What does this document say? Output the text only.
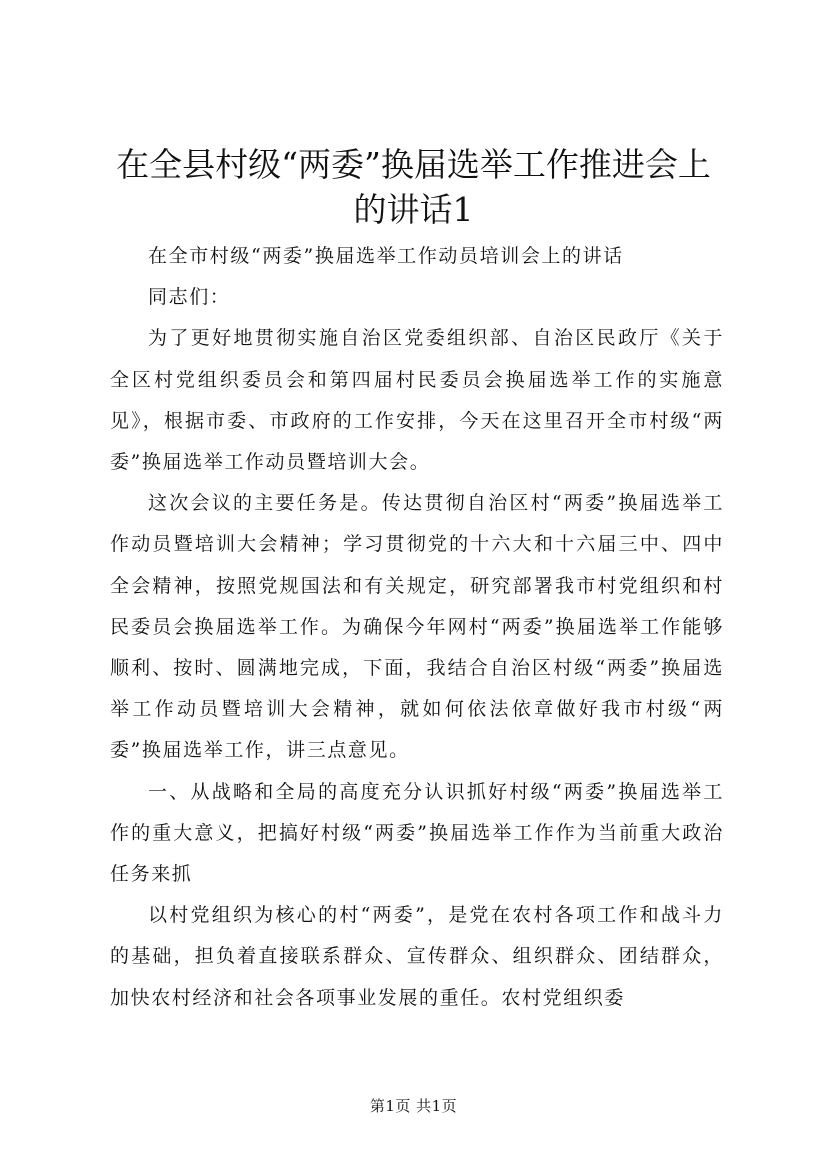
在全县村级“两委”换届选举工作推进会上的讲话1

在全市村级“两委”换届选举工作动员培训会上的讲话

同志们：

为了更好地贯彻实施自治区党委组织部、自治区民政厅《关于全区村党组织委员会和第四届村民委员会换届选举工作的实施意见》，根据市委、市政府的工作安排，今天在这里召开全市村级“两委”换届选举工作动员暨培训大会。

这次会议的主要任务是。传达贯彻自治区村“两委”换届选举工作动员暨培训大会精神；学习贯彻党的十六大和十六届三中、四中全会精神，按照党规国法和有关规定，研究部署我市村党组织和村民委员会换届选举工作。为确保今年网村“两委”换届选举工作能够顺利、按时、圆满地完成，下面，我结合自治区村级“两委”换届选举工作动员暨培训大会精神，就如何依法依章做好我市村级“两委”换届选举工作，讲三点意见。

一、从战略和全局的高度充分认识抓好村级“两委”换届选举工作的重大意义，把搞好村级“两委”换届选举工作作为当前重大政治任务来抓

以村党组织为核心的村“两委”，是党在农村各项工作和战斗力的基础，担负着直接联系群众、宣传群众、组织群众、团结群众，加快农村经济和社会各项事业发展的重任。农村党组织委

第1页 共1页
